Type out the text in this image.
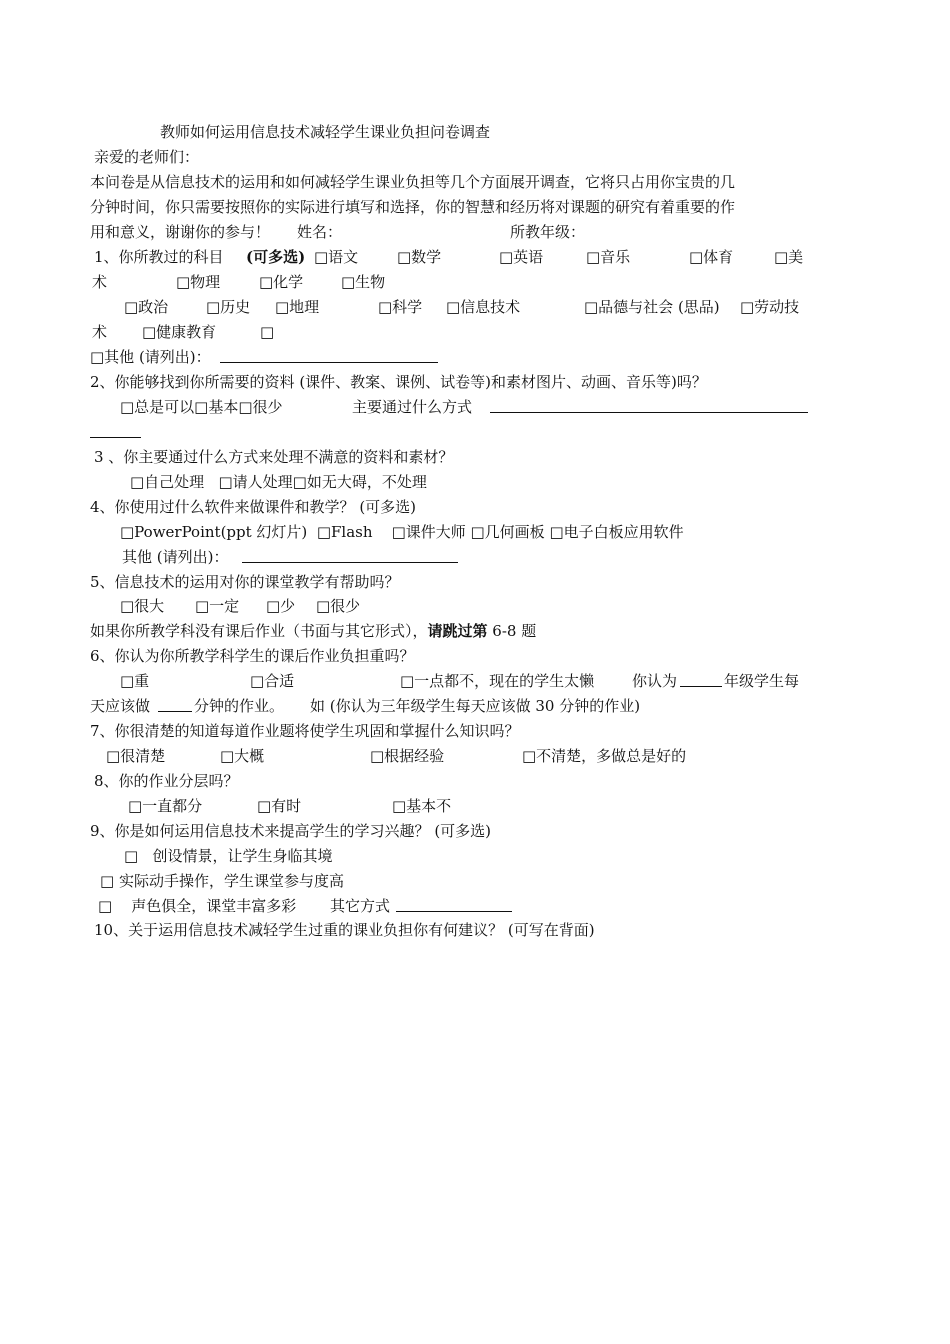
教师如何运用信息技术减轻学生课业负担问卷调查
亲爱的老师们：
本问卷是从信息技术的运用和如何减轻学生课业负担等几个方面展开调查，它将只占用你宝贵的几
分钟时间，你只需要按照你的实际进行填写和选择，你的智慧和经历将对课题的研究有着重要的作
用和意义，谢谢你的参与！ 姓名：	所教年级：
1、你所教过的科目 (可多选) □语文	□数学	□英语	□音乐	□体育	□美
术	□物理	□化学	□生物
□政治	□历史 □地理	□科学 □信息技术	□品德与社会 (思品) □劳动技
术 □健康教育	□
□其他 (请列出)：
2、你能够找到你所需要的资料 (课件、教案、课例、试卷等)和素材图片、动画、音乐等)吗？
□总是可以□基本□很少	主要通过什么方式
3 、你主要通过什么方式来处理不满意的资料和素材？
□自己处理   □请人处理□如无大碍，不处理
4、你使用过什么软件来做课件和教学？ (可多选)
□PowerPoint(ppt 幻灯片)  □Flash    □课件大师 □几何画板 □电子白板应用软件
其他 (请列出)：
5、信息技术的运用对你的课堂教学有帮助吗？
□很大 □一定 □少 □很少
如果你所教学科没有课后作业（书面与其它形式），请跳过第 6-8 题
6、你认为你所教学科学生的课后作业负担重吗？
□重	□合适	□一点都不，现在的学生太懒	你认为	年级学生每
天应该做	分钟的作业。 如 (你认为三年级学生每天应该做 30 分钟的作业)
7、你很清楚的知道每道作业题将使学生巩固和掌握什么知识吗？
□很清楚	□大概	□根据经验	□不清楚，多做总是好的
8、你的作业分层吗？
□一直都分	□有时	□基本不
9、你是如何运用信息技术来提高学生的学习兴趣？ (可多选)
□   创设情景，让学生身临其境
□ 实际动手操作，学生课堂参与度高
□    声色俱全，课堂丰富多彩 其它方式
10、关于运用信息技术减轻学生过重的课业负担你有何建议？ (可写在背面)
